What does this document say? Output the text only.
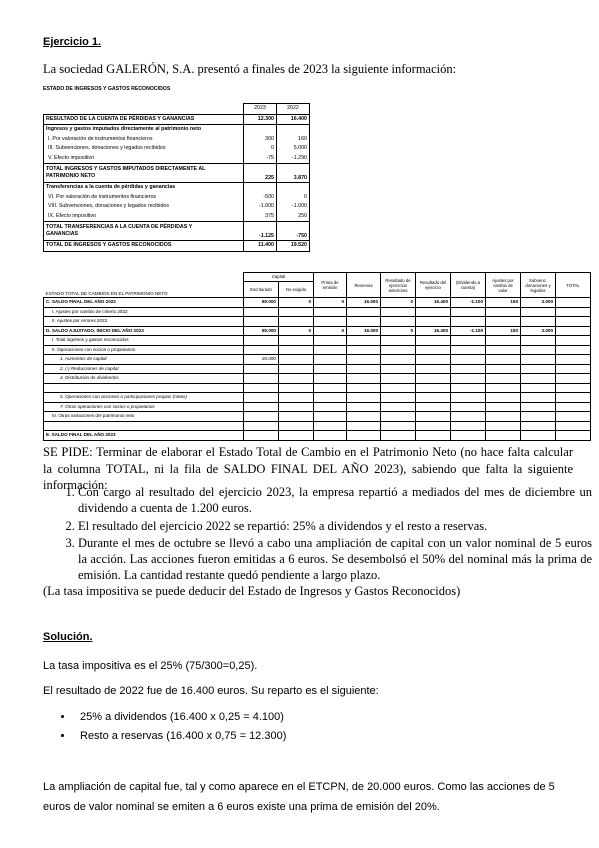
Ejercicio 1.
La sociedad GALERÓN, S.A. presentó a finales de 2023 la siguiente información:
ESTADO DE INGRESOS Y GASTOS RECONOCIDOS
	2023	2022
RESULTADO DE LA CUENTA DE PÉRDIDAS Y GANANCIAS	12.300	16.400
Ingresos y gastos imputados directamente al patrimonio neto		
I. Por valoración de instrumentos financieros	300	160
III. Subvenciones, donaciones y legados recibidos	0	5.000
V. Efecto impositivo	-75	-1.290
TOTAL INGRESOS Y GASTOS IMPUTADOS DIRECTAMENTE AL
PATRIMONIO NETO	225	3.870
Transferencias a la cuenta de pérdidas y ganancias		
VI. Por valoración de instrumentos financieros	-500	0
VIII. Subvenciones, donaciones y legados recibidos	-1.000	-1.000
IX. Efecto impositivo	375	250
TOTAL TRANSFERENCIAS A LA CUENTA DE PÉRDIDAS Y
GANANCIAS	-1.125	-750
TOTAL DE INGRESOS Y GASTOS RECONOCIDOS	11.400	19.520
	Capital		Prima de emisión	Reservas	Resultado de ejercicios anteriores	Resultado del ejercicio	(Dividendo a cuenta)	Ajustes por cambio de valor	Subvenc. donaciones y legados	TOTAL
ESTADO TOTAL DE CAMBIOS EN EL PATRIMONIO NETO	Escriturado	No exigido								
C. SALDO FINAL DEL AÑO 2022	80.000	0	0	16.000	0	16.400	-1.100	150	3.000	
I. Ajustes por cambio de criterio 2022										
II. Ajustes por errores 2022										
D. SALDO AJUSTADO, INICIO DEL AÑO 2023	80.000	0	0	16.000	0	16.400	-1.100	150	3.000	
I. Total ingresos y gastos reconocidos										
II. Operaciones con socios o propietarios										
1. Aumentos de capital	20.000									
2. (-) Reducciones de capital										
4. Distribución de dividendos										

5. Operaciones con acciones o participaciones propias (netas)										
7. Otras operaciones con socios o propietarios										
III. Otras variaciones del patrimonio neto										

E. SALDO FINAL DEL AÑO 2023										
SE PIDE: Terminar de elaborar el Estado Total de Cambio en el Patrimonio Neto (no hace falta calcular la columna TOTAL, ni la fila de SALDO FINAL DEL AÑO 2023), sabiendo que falta la siguiente información:
1. Con cargo al resultado del ejercicio 2023, la empresa repartió a mediados del mes de diciembre un dividendo a cuenta de 1.200 euros.
2. El resultado del ejercicio 2022 se repartió: 25% a dividendos y el resto a reservas.
3. Durante el mes de octubre se llevó a cabo una ampliación de capital con un valor nominal de 5 euros la acción. Las acciones fueron emitidas a 6 euros. Se desembolsó el 50% del nominal más la prima de emisión. La cantidad restante quedó pendiente a largo plazo.
(La tasa impositiva se puede deducir del Estado de Ingresos y Gastos Reconocidos)
Solución.
La tasa impositiva es el 25% (75/300=0,25).
El resultado de 2022 fue de 16.400 euros. Su reparto es el siguiente:
• 25% a dividendos (16.400 x 0,25 = 4.100)
• Resto a reservas (16.400 x 0,75 = 12.300)
La ampliación de capital fue, tal y como aparece en el ETCPN, de 20.000 euros. Como las acciones de 5 euros de valor nominal se emiten a 6 euros existe una prima de emisión del 20%.
